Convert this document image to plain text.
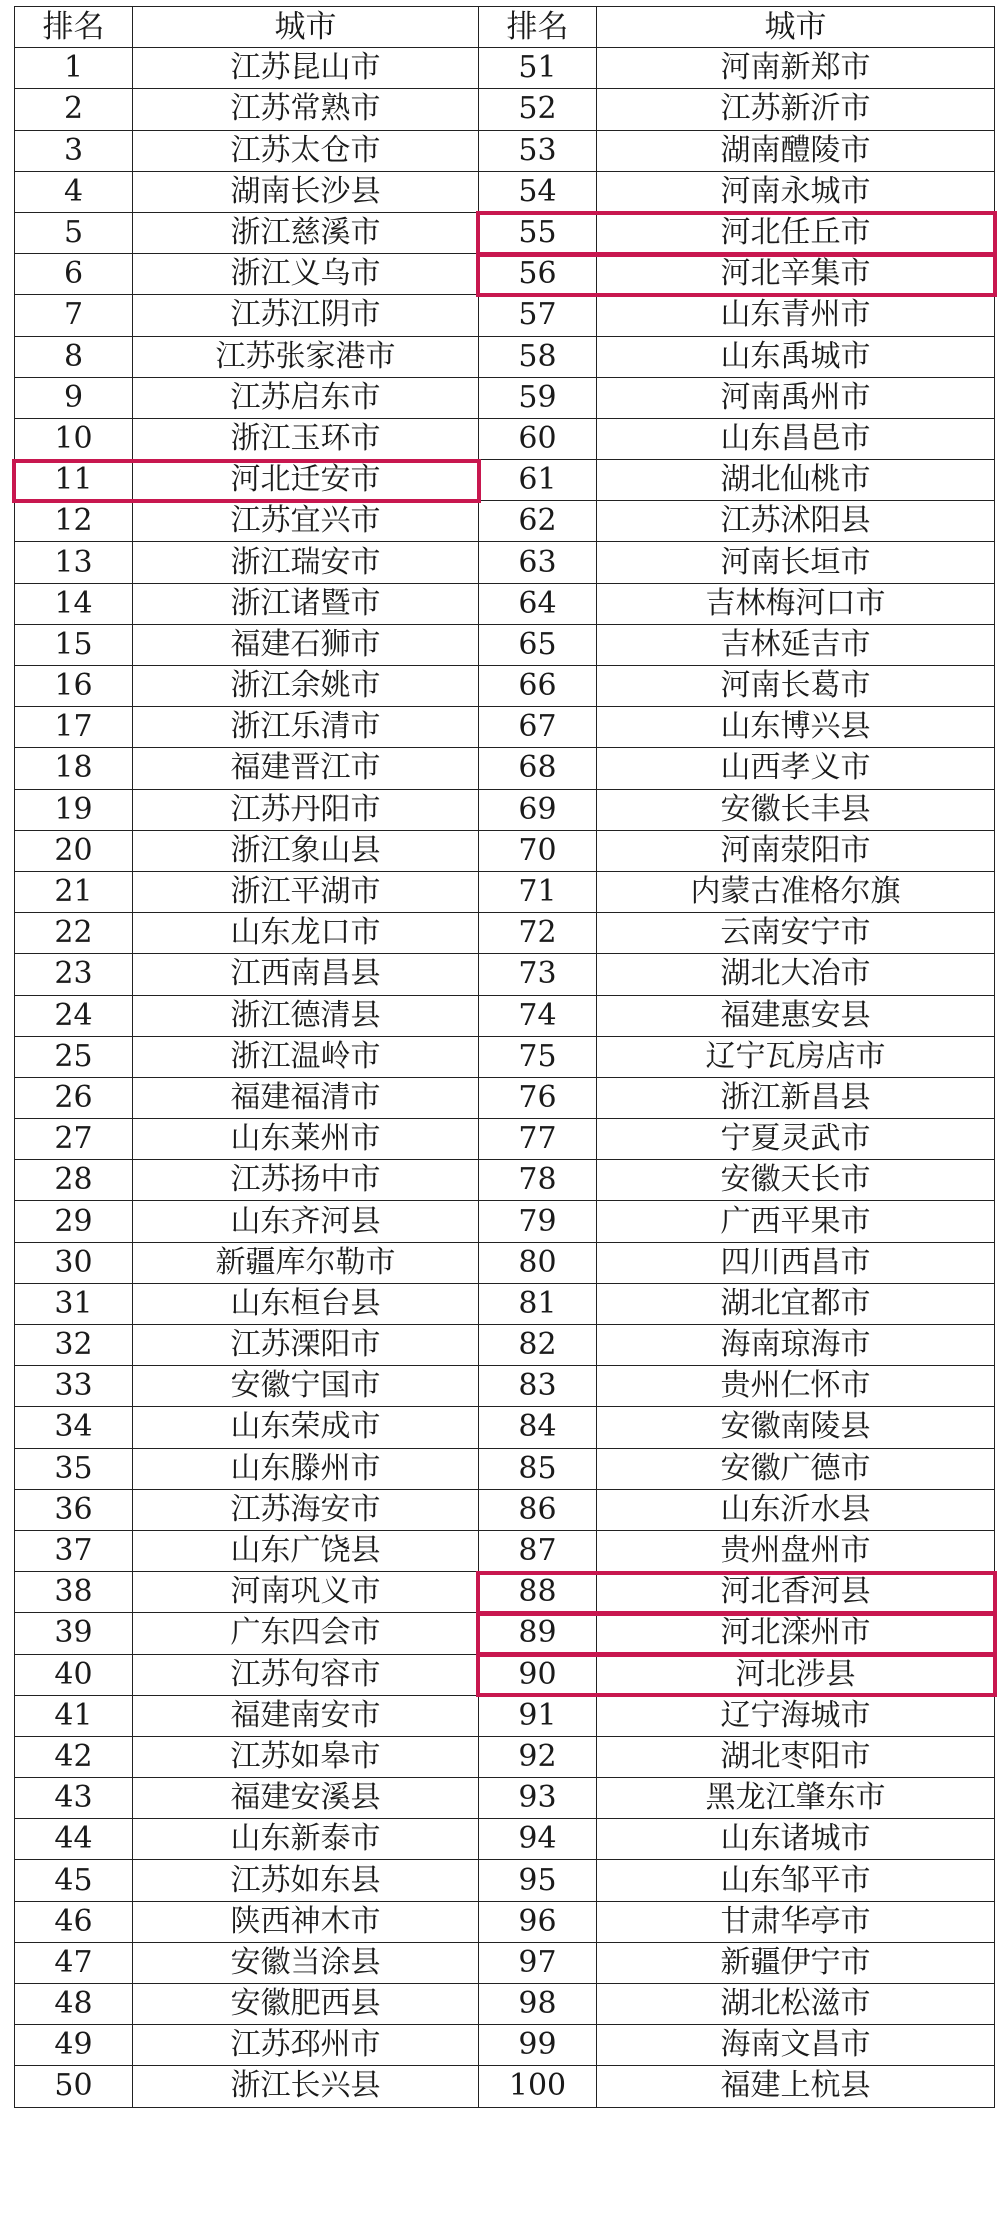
排名	城市	排名	城市
1	江苏昆山市	51	河南新郑市
2	江苏常熟市	52	江苏新沂市
3	江苏太仓市	53	湖南醴陵市
4	湖南长沙县	54	河南永城市
5	浙江慈溪市	55	河北任丘市
6	浙江义乌市	56	河北辛集市
7	江苏江阴市	57	山东青州市
8	江苏张家港市	58	山东禹城市
9	江苏启东市	59	河南禹州市
10	浙江玉环市	60	山东昌邑市
11	河北迁安市	61	湖北仙桃市
12	江苏宜兴市	62	江苏沭阳县
13	浙江瑞安市	63	河南长垣市
14	浙江诸暨市	64	吉林梅河口市
15	福建石狮市	65	吉林延吉市
16	浙江余姚市	66	河南长葛市
17	浙江乐清市	67	山东博兴县
18	福建晋江市	68	山西孝义市
19	江苏丹阳市	69	安徽长丰县
20	浙江象山县	70	河南荥阳市
21	浙江平湖市	71	内蒙古准格尔旗
22	山东龙口市	72	云南安宁市
23	江西南昌县	73	湖北大冶市
24	浙江德清县	74	福建惠安县
25	浙江温岭市	75	辽宁瓦房店市
26	福建福清市	76	浙江新昌县
27	山东莱州市	77	宁夏灵武市
28	江苏扬中市	78	安徽天长市
29	山东齐河县	79	广西平果市
30	新疆库尔勒市	80	四川西昌市
31	山东桓台县	81	湖北宜都市
32	江苏溧阳市	82	海南琼海市
33	安徽宁国市	83	贵州仁怀市
34	山东荣成市	84	安徽南陵县
35	山东滕州市	85	安徽广德市
36	江苏海安市	86	山东沂水县
37	山东广饶县	87	贵州盘州市
38	河南巩义市	88	河北香河县
39	广东四会市	89	河北滦州市
40	江苏句容市	90	河北涉县
41	福建南安市	91	辽宁海城市
42	江苏如皋市	92	湖北枣阳市
43	福建安溪县	93	黑龙江肇东市
44	山东新泰市	94	山东诸城市
45	江苏如东县	95	山东邹平市
46	陕西神木市	96	甘肃华亭市
47	安徽当涂县	97	新疆伊宁市
48	安徽肥西县	98	湖北松滋市
49	江苏邳州市	99	海南文昌市
50	浙江长兴县	100	福建上杭县
